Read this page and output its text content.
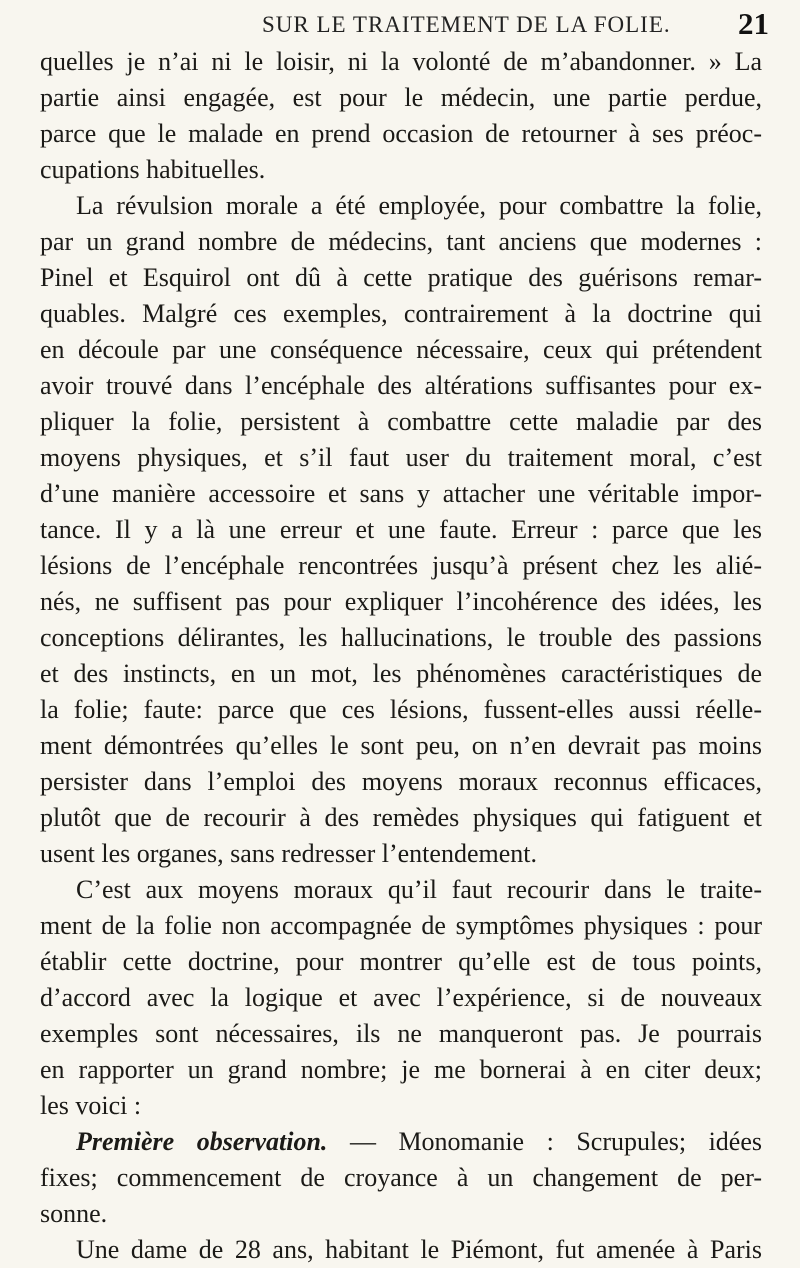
SUR LE TRAITEMENT DE LA FOLIE. 21
quelles je n’ai ni le loisir, ni la volonté de m’abandonner. » La
partie ainsi engagée, est pour le médecin, une partie perdue,
parce que le malade en prend occasion de retourner à ses préoc-
cupations habituelles.
La révulsion morale a été employée, pour combattre la folie,
par un grand nombre de médecins, tant anciens que modernes :
Pinel et Esquirol ont dû à cette pratique des guérisons remar-
quables. Malgré ces exemples, contrairement à la doctrine qui
en découle par une conséquence nécessaire, ceux qui prétendent
avoir trouvé dans l’encéphale des altérations suffisantes pour ex-
pliquer la folie, persistent à combattre cette maladie par des
moyens physiques, et s’il faut user du traitement moral, c’est
d’une manière accessoire et sans y attacher une véritable impor-
tance. Il y a là une erreur et une faute. Erreur : parce que les
lésions de l’encéphale rencontrées jusqu’à présent chez les alié-
nés, ne suffisent pas pour expliquer l’incohérence des idées, les
conceptions délirantes, les hallucinations, le trouble des passions
et des instincts, en un mot, les phénomènes caractéristiques de
la folie; faute: parce que ces lésions, fussent-elles aussi réelle-
ment démontrées qu’elles le sont peu, on n’en devrait pas moins
persister dans l’emploi des moyens moraux reconnus efficaces,
plutôt que de recourir à des remèdes physiques qui fatiguent et
usent les organes, sans redresser l’entendement.
C’est aux moyens moraux qu’il faut recourir dans le traite-
ment de la folie non accompagnée de symptômes physiques : pour
établir cette doctrine, pour montrer qu’elle est de tous points,
d’accord avec la logique et avec l’expérience, si de nouveaux
exemples sont nécessaires, ils ne manqueront pas. Je pourrais
en rapporter un grand nombre; je me bornerai à en citer deux;
les voici :
Première observation. — Monomanie : Scrupules; idées
fixes; commencement de croyance à un changement de per-
sonne.
Une dame de 28 ans, habitant le Piémont, fut amenée à Paris
